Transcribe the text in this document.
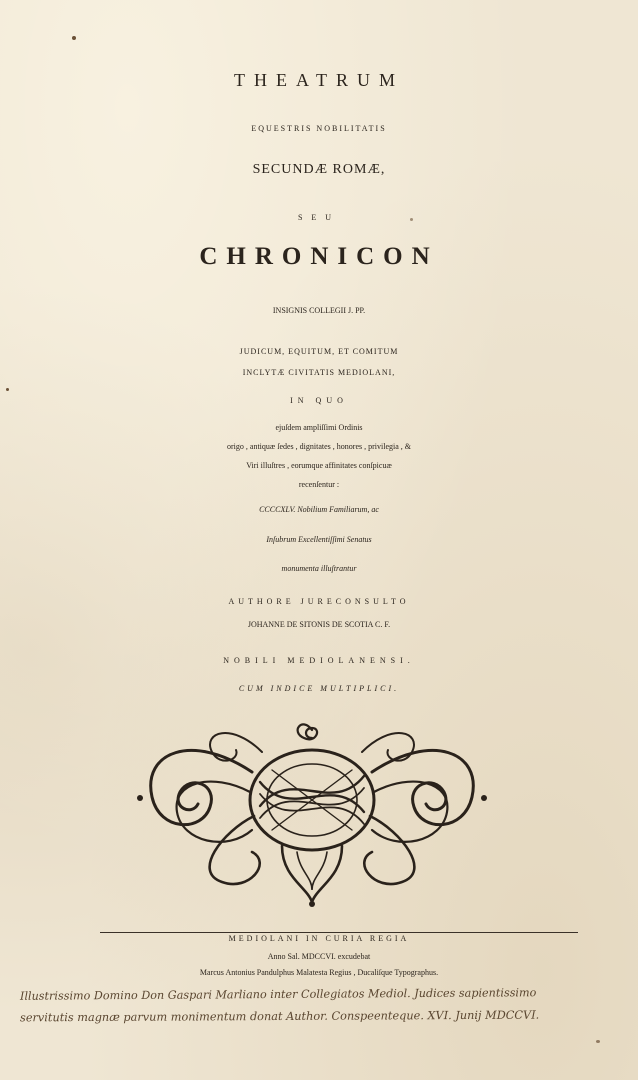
THEATRUM
EQUESTRIS NOBILITATIS
SECUNDÆ ROMÆ,
SEU
CHRONICON
INSIGNIS COLLEGII J. PP.
JUDICUM, EQUITUM, ET COMITUM
INCLYTÆ CIVITATIS MEDIOLANI,
IN QUO
ejuſdem ampliſſimi Ordinis
origo , antiquæ ſedes , dignitates , honores , privilegia , &
Viri illuſtres , eorumque affinitates conſpicuæ
recenſentur :
CCCCXLV. Nobilium Familiarum, ac
Inſubrum Excellentiſſimi Senatus
monumenta illuſtrantur
AUTHORE JURECONSULTO
JOHANNE DE SITONIS DE SCOTIA C. F.
NOBILI MEDIOLANENSI.
CUM INDICE MULTIPLICI.
MEDIOLANI IN CURIA REGIA
Anno Sal. MDCCVI. excudebat
Marcus Antonius Pandulphus Malatesta Regius , Ducaliſque Typographus.
Illustrissimo Domino Don Gaspari Marliano inter Collegiatos Mediol. Judices sapientissimo
servitutis magnæ parvum monimentum donat Author. Conspeenteque. XVI. Junij MDCCVI.
